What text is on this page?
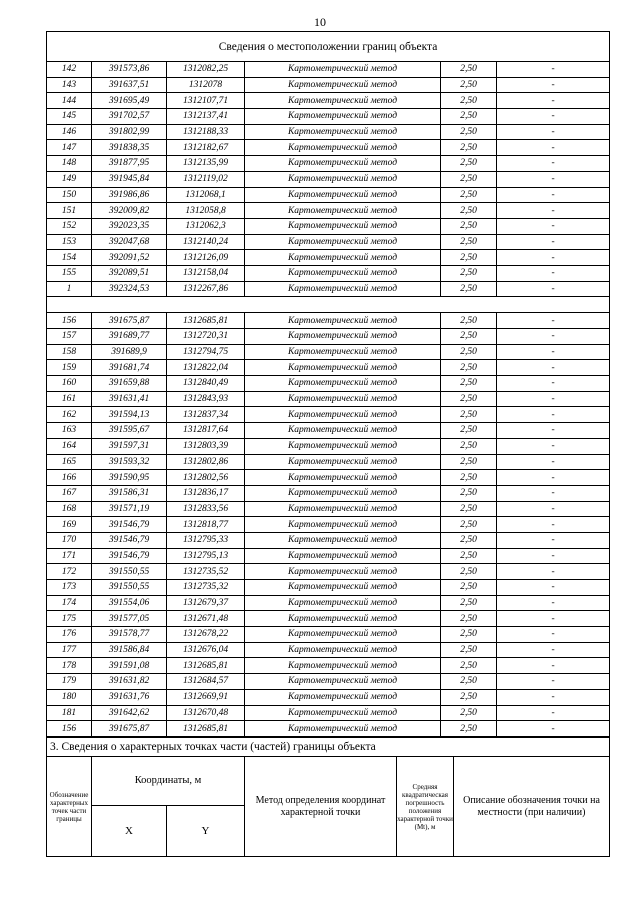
10
Сведения о местоположении границ объекта					
142	391573,86	1312082,25	Картометрический метод	2,50	-
143	391637,51	1312078	Картометрический метод	2,50	-
144	391695,49	1312107,71	Картометрический метод	2,50	-
145	391702,57	1312137,41	Картометрический метод	2,50	-
146	391802,99	1312188,33	Картометрический метод	2,50	-
147	391838,35	1312182,67	Картометрический метод	2,50	-
148	391877,95	1312135,99	Картометрический метод	2,50	-
149	391945,84	1312119,02	Картометрический метод	2,50	-
150	391986,86	1312068,1	Картометрический метод	2,50	-
151	392009,82	1312058,8	Картометрический метод	2,50	-
152	392023,35	1312062,3	Картометрический метод	2,50	-
153	392047,68	1312140,24	Картометрический метод	2,50	-
154	392091,52	1312126,09	Картометрический метод	2,50	-
155	392089,51	1312158,04	Картометрический метод	2,50	-
1	392324,53	1312267,86	Картометрический метод	2,50	-

156	391675,87	1312685,81	Картометрический метод	2,50	-
157	391689,77	1312720,31	Картометрический метод	2,50	-
158	391689,9	1312794,75	Картометрический метод	2,50	-
159	391681,74	1312822,04	Картометрический метод	2,50	-
160	391659,88	1312840,49	Картометрический метод	2,50	-
161	391631,41	1312843,93	Картометрический метод	2,50	-
162	391594,13	1312837,34	Картометрический метод	2,50	-
163	391595,67	1312817,64	Картометрический метод	2,50	-
164	391597,31	1312803,39	Картометрический метод	2,50	-
165	391593,32	1312802,86	Картометрический метод	2,50	-
166	391590,95	1312802,56	Картометрический метод	2,50	-
167	391586,31	1312836,17	Картометрический метод	2,50	-
168	391571,19	1312833,56	Картометрический метод	2,50	-
169	391546,79	1312818,77	Картометрический метод	2,50	-
170	391546,79	1312795,33	Картометрический метод	2,50	-
171	391546,79	1312795,13	Картометрический метод	2,50	-
172	391550,55	1312735,52	Картометрический метод	2,50	-
173	391550,55	1312735,32	Картометрический метод	2,50	-
174	391554,06	1312679,37	Картометрический метод	2,50	-
175	391577,05	1312671,48	Картометрический метод	2,50	-
176	391578,77	1312678,22	Картометрический метод	2,50	-
177	391586,84	1312676,04	Картометрический метод	2,50	-
178	391591,08	1312685,81	Картометрический метод	2,50	-
179	391631,82	1312684,57	Картометрический метод	2,50	-
180	391631,76	1312669,91	Картометрический метод	2,50	-
181	391642,62	1312670,48	Картометрический метод	2,50	-
156	391675,87	1312685,81	Картометрический метод	2,50	-
3. Сведения о характерных точках части (частей) границы объекта					
Обозначение характерных точек части границы	Координаты, м		Метод определения координат характерной точки	Средняя квадратическая погрешность положения характерной точки (Mt), м	Описание обозначения точки на местности (при наличии)
	X	Y			
